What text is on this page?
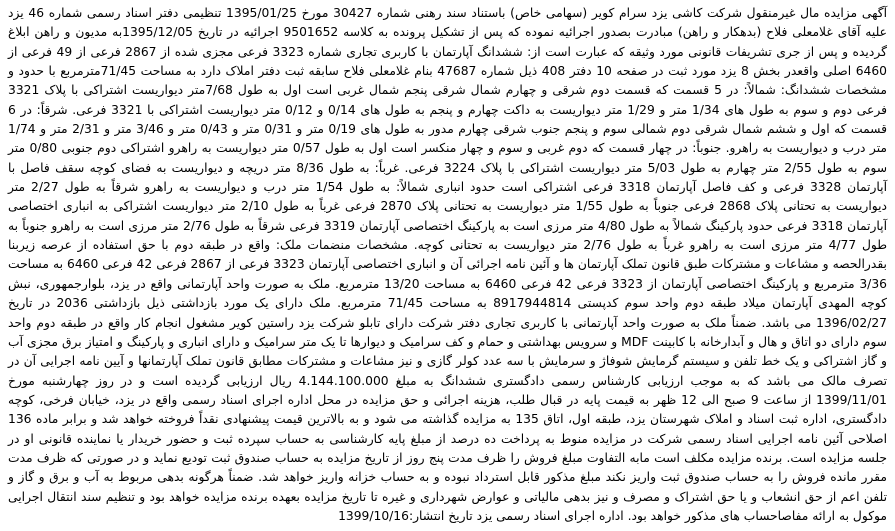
آگهی مزایده مال غیرمنقول شرکت کاشی یزد سرام کویر (سهامی خاص) باستناد سند رهنی شماره 30427 مورخ 1395/01/25 تنظیمی دفتر اسناد رسمی شماره 46 یزد علیه آقای غلامعلی فلاح (بدهکار و راهن) مبادرت بصدور اجرائیه نموده که پس از تشکیل پرونده به کلاسه 9501652 اجرائیه در تاریخ 1395/12/05به مدیون و راهن ابلاغ گردیده و پس از جری تشریفات قانونی مورد وثیقه که عبارت است از: ششدانگ آپارتمان با کاربری تجاری شماره 3323 فرعی مجزی شده از 2867 فرعی از 49 فرعی از 6460 اصلی واقعدر بخش 8 یزد مورد ثبت در صفحه 10 دفتر 408 ذیل شماره 47687 بنام غلامعلی فلاح سابقه ثبت دفتر املاک دارد به مساحت 71/45مترمربع با حدود و مشخصات ششدانگ: شمالاً: در 5 قسمت که قسمت دوم شرقی و چهارم شمال شرقی پنجم شمال غربی است اول به طول 7/68متر دیواریست اشتراکی با پلاک 3321 فرعی دوم و سوم به طول های 1/34 متر و 1/29 متر دیواریست به داکت چهارم و پنجم به طول های 0/14 و 0/12 متر دیواریست اشتراکی با 3321 فرعی. شرقاً: در 6 قسمت که اول و ششم شمال شرقی دوم شمالی سوم و پنجم جنوب شرقی چهارم مدور به طول های 0/19 متر و 0/31 متر و 0/43 متر و 3/46 متر و 2/31 متر و 1/74 متر درب و دیواریست به راهرو. جنوباً: در چهار قسمت که دوم غربی و سوم و چهار منکسر است اول به طول 0/57 متر دیواریست به راهرو اشتراکی دوم جنوبی 0/80 متر سوم به طول 2/55 متر چهارم به طول 5/03 متر دیواریست اشتراکی با پلاک 3224 فرعی. غرباً: به طول 8/36 متر دریچه و دیواریست به فضای کوچه سقف فاصل با آپارتمان 3328 فرعی و کف فاصل آپارتمان 3318 فرعی اشتراکی است حدود انباری شمالاً: به طول 1/54 متر درب و دیواریست به راهرو شرقاً به طول 2/27 متر دیواریست به تحتانی پلاک 2868 فرعی جنوباً به طول 1/55 متر دیواریست به تحتانی پلاک 2870 فرعی غرباً به طول 2/10 متر دیواریست اشتراکی به انباری اختصاصی آپارتمان 3318 فرعی حدود پارکینگ شمالاً به طول 4/80 متر مرزی است به پارکینگ اختصاصی آپارتمان 3319 فرعی شرقاً به طول 2/76 متر مرزی است به راهرو جنوباً به طول 4/77 متر مرزی است به راهرو غرباً به طول 2/76 متر دیواریست به تحتانی کوچه. مشخصات منضمات ملک: واقع در طبقه دوم با حق استفاده از عرصه زیربنا بقدرالحصه و مشاعات و مشترکات طبق قانون تملک آپارتمان ها و آئین نامه اجرائی آن و انباری اختصاصی آپارتمان 3323 فرعی از 2867 فرعی 42 فرعی 6460 به مساحت 3/36 مترمربع و پارکینگ اختصاصی آپارتمان از 3323 فرعی 42 فرعی 6460 به مساحت 13/20 مترمربع. ملک به صورت واحد آپارتمانی واقع در یزد، بلوارجمهوری، نبش کوچه المهدی آپارتمان میلاد طبقه دوم واحد سوم کدپستی 8917944814 به مساحت 71/45 مترمربع. ملک دارای یک مورد بازداشتی ذیل بازداشتی 2036 در تاریخ 1396/02/27 می باشد. ضمناً ملک به صورت واحد آپارتمانی با کاربری تجاری دفتر شرکت دارای تابلو شرکت یزد راستین کویر مشغول انجام کار واقع در طبقه دوم واحد سوم دارای دو اتاق و هال و آبدارخانه با کابینت MDF و سرویس بهداشتی و حمام و کف سرامیک و دیوارها تا یک متر سرامیک و دارای انباری و پارکینگ و امتیاز برق مجزی آب و گاز اشتراکی و یک خط تلفن و سیستم گرمایش شوفاژ و سرمایش با سه عدد کولر گازی و نیز مشاعات و مشترکات مطابق قانون تملک آپارتمانها و آیین نامه اجرایی آن در تصرف مالک می باشد که به موجب ارزیابی کارشناس رسمی دادگستری ششدانگ به مبلغ 4.144.100.000 ریال ارزیابی گردیده است و در روز چهارشنبه مورخ 1399/11/01 از ساعت 9 صبح الی 12 ظهر به قیمت پایه در قبال طلب، هزینه اجرائی و حق مزایده در محل اداره اجرای اسناد رسمی واقع در یزد، خیابان فرخی، کوچه دادگستری، اداره ثبت اسناد و املاک شهرستان یزد، طبقه اول، اتاق 135 به مزایده گذاشته می شود و به بالاترین قیمت پیشنهادی نقداً فروخته خواهد شد و برابر ماده 136 اصلاحی آئین نامه اجرایی اسناد رسمی شرکت در مزایده منوط به پرداخت ده درصد از مبلغ پایه کارشناسی به حساب سپرده ثبت و حضور خریدار یا نماینده قانونی او در جلسه مزایده است. برنده مزایده مکلف است مابه التفاوت مبلغ فروش را ظرف مدت پنج روز از تاریخ مزایده به حساب صندوق ثبت تودیع نماید و در صورتی که ظرف مدت مقرر مانده فروش را به حساب صندوق ثبت واریز نکند مبلغ مذکور قابل استرداد نبوده و به حساب خزانه واریز خواهد شد. ضمناً هرگونه بدهی مربوط به آب و برق و گاز و تلفن اعم از حق انشعاب و یا حق اشتراک و مصرف و نیز بدهی مالیاتی و عوارض شهرداری و غیره تا تاریخ مزایده بعهده برنده مزایده خواهد بود و تنظیم سند انتقال اجرایی موکول به ارائه مفاصاحساب های مذکور خواهد بود. اداره اجرای اسناد رسمی یزد تاریخ انتشار:1399/10/16
